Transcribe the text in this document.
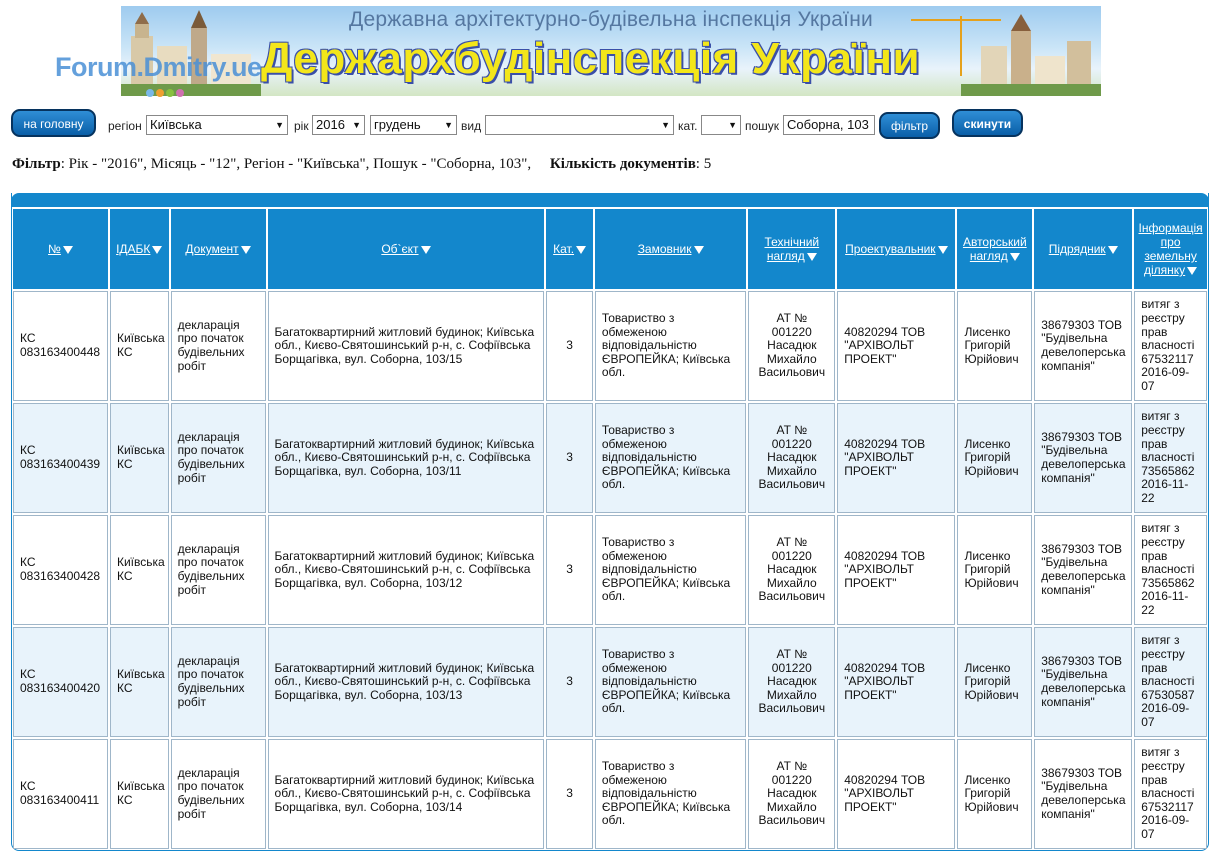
Державна архітектурно-будівельна інспекція України
Держархбудінспекція України
Forum.Dmitry.ue
на головну	регіон Київська	▼ рік 2016 ▼	грудень	▼ вид	▼ кат.	▼ пошук Соборна, 103	фільтр	скинути
Фільтр: Рік - "2016", Місяць - "12", Регіон - "Київська", Пошук - "Соборна, 103", Кількість документів: 5
№	ІДАБК	Документ	Об`єкт	Кат.	Замовник	Технічний нагляд	Проектувальник	Авторський нагляд	Підрядник	Інформація про земельну ділянку
КС 083163400448	Київська КС	декларація про початок будівельних робіт	Багатоквартирний житловий будинок; Київська обл., Києво-Святошинський р-н, с. Софіївська Борщагівка, вул. Соборна, 103/15	3	Товариство з обмеженою відповідальністю ЄВРОПЕЙКА; Київська обл.	АТ № 001220 Насадюк Михайло Васильович	40820294 ТОВ "АРХІВОЛЬТ ПРОЕКТ"	Лисенко Григорій Юрійович	38679303 ТОВ "Будівельна девелоперська компанія"	витяг з реєстру прав власності 67532117 2016-09-07
КС 083163400439	Київська КС	декларація про початок будівельних робіт	Багатоквартирний житловий будинок; Київська обл., Києво-Святошинський р-н, с. Софіївська Борщагівка, вул. Соборна, 103/11	3	Товариство з обмеженою відповідальністю ЄВРОПЕЙКА; Київська обл.	АТ № 001220 Насадюк Михайло Васильович	40820294 ТОВ "АРХІВОЛЬТ ПРОЕКТ"	Лисенко Григорій Юрійович	38679303 ТОВ "Будівельна девелоперська компанія"	витяг з реєстру прав власності 73565862 2016-11-22
КС 083163400428	Київська КС	декларація про початок будівельних робіт	Багатоквартирний житловий будинок; Київська обл., Києво-Святошинський р-н, с. Софіївська Борщагівка, вул. Соборна, 103/12	3	Товариство з обмеженою відповідальністю ЄВРОПЕЙКА; Київська обл.	АТ № 001220 Насадюк Михайло Васильович	40820294 ТОВ "АРХІВОЛЬТ ПРОЕКТ"	Лисенко Григорій Юрійович	38679303 ТОВ "Будівельна девелоперська компанія"	витяг з реєстру прав власності 73565862 2016-11-22
КС 083163400420	Київська КС	декларація про початок будівельних робіт	Багатоквартирний житловий будинок; Київська обл., Києво-Святошинський р-н, с. Софіївська Борщагівка, вул. Соборна, 103/13	3	Товариство з обмеженою відповідальністю ЄВРОПЕЙКА; Київська обл.	АТ № 001220 Насадюк Михайло Васильович	40820294 ТОВ "АРХІВОЛЬТ ПРОЕКТ"	Лисенко Григорій Юрійович	38679303 ТОВ "Будівельна девелоперська компанія"	витяг з реєстру прав власності 67530587 2016-09-07
КС 083163400411	Київська КС	декларація про початок будівельних робіт	Багатоквартирний житловий будинок; Київська обл., Києво-Святошинський р-н, с. Софіївська Борщагівка, вул. Соборна, 103/14	3	Товариство з обмеженою відповідальністю ЄВРОПЕЙКА; Київська обл.	АТ № 001220 Насадюк Михайло Васильович	40820294 ТОВ "АРХІВОЛЬТ ПРОЕКТ"	Лисенко Григорій Юрійович	38679303 ТОВ "Будівельна девелоперська компанія"	витяг з реєстру прав власності 67532117 2016-09-07
